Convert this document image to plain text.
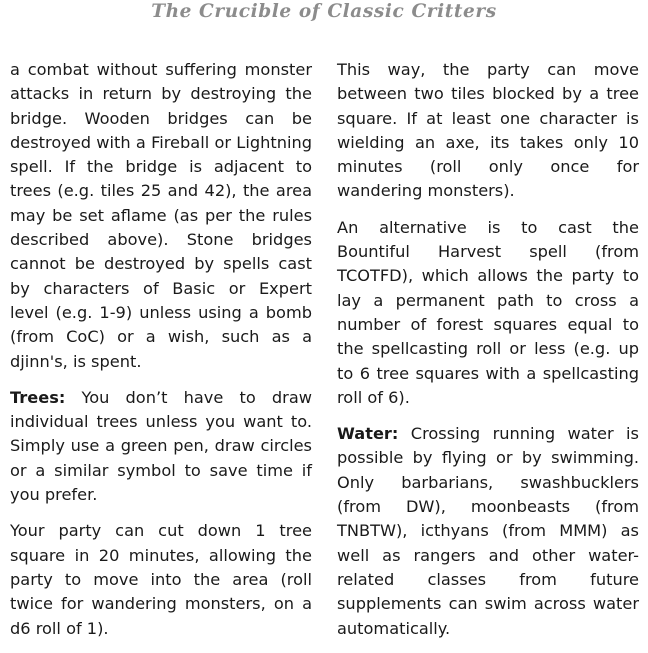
The Crucible of Classic Critters

a combat without suffering monster attacks in return by destroying the bridge. Wooden bridges can be destroyed with a Fireball or Lightning spell. If the bridge is adjacent to trees (e.g. tiles 25 and 42), the area may be set aflame (as per the rules described above). Stone bridges cannot be destroyed by spells cast by characters of Basic or Expert level (e.g. 1-9) unless using a bomb (from CoC) or a wish, such as a djinn's, is spent.

Trees: You don’t have to draw individual trees unless you want to. Simply use a green pen, draw circles or a similar symbol to save time if you prefer.

Your party can cut down 1 tree square in 20 minutes, allowing the party to move into the area (roll twice for wandering monsters, on a d6 roll of 1).

This way, the party can move between two tiles blocked by a tree square. If at least one character is wielding an axe, its takes only 10 minutes (roll only once for wandering monsters).

An alternative is to cast the Bountiful Harvest spell (from TCOTFD), which allows the party to lay a permanent path to cross a number of forest squares equal to the spellcasting roll or less (e.g. up to 6 tree squares with a spellcasting roll of 6).

Water: Crossing running water is possible by flying or by swimming. Only barbarians, swashbucklers (from DW), moonbeasts (from TNBTW), icthyans (from MMM) as well as rangers and other water-related classes from future supplements can swim across water automatically.
